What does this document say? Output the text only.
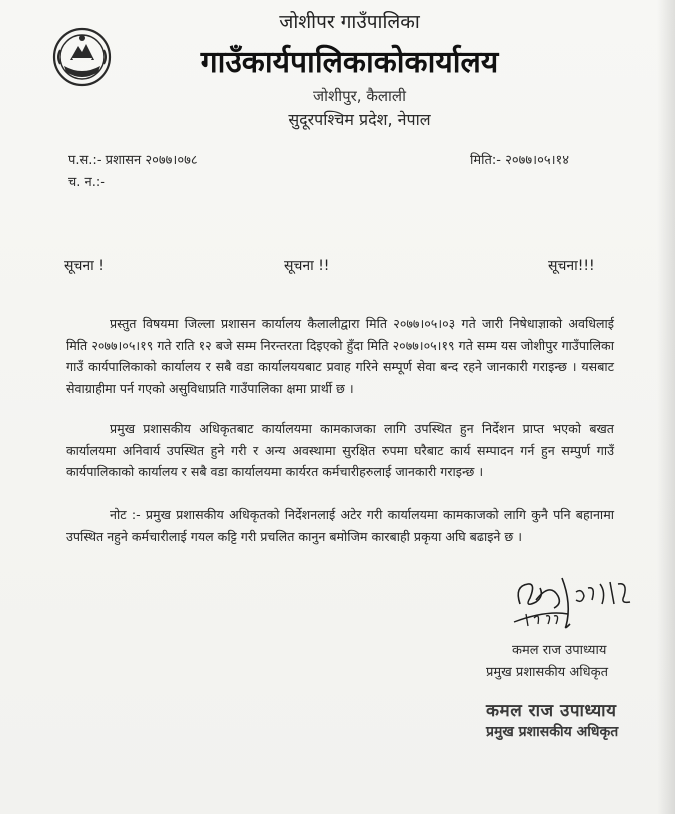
जोशीपर गाउँपालिका
गाउँकार्यपालिकाकोकार्यालय
जोशीपुर, कैलाली
सुदूरपश्चिम प्रदेश, नेपाल
प.स.:- प्रशासन २०७७।०७८
च. न.:-
मिति:- २०७७।०५।१४
सूचना !	सूचना !!	सूचना!!!
प्रस्तुत विषयमा जिल्ला प्रशासन कार्यालय कैलालीद्वारा मिति २०७७।०५।०३ गते जारी निषेधाज्ञाको अवधिलाई मिति २०७७।०५।१९ गते राति १२ बजे सम्म निरन्तरता दिइएको हुँदा मिति २०७७।०५।१९ गते सम्म यस जोशीपुर गाउँपालिका गाउँ कार्यपालिकाको कार्यालय र सबै वडा कार्यालययबाट प्रवाह गरिने सम्पूर्ण सेवा बन्द रहने जानकारी गराइन्छ । यसबाट सेवाग्राहीमा पर्न गएको असुविधाप्रति गाउँपालिका क्षमा प्रार्थी छ ।
प्रमुख प्रशासकीय अधिकृतबाट कार्यालयमा कामकाजका लागि उपस्थित हुन निर्देशन प्राप्त भएको बखत कार्यालयमा अनिवार्य उपस्थित हुने गरी र अन्य अवस्थामा सुरक्षित रुपमा घरैबाट कार्य सम्पादन गर्न हुन सम्पुर्ण गाउँ कार्यपालिकाको कार्यालय र सबै वडा कार्यालयमा कार्यरत कर्मचारीहरुलाई जानकारी गराइन्छ ।
नोट :- प्रमुख प्रशासकीय अधिकृतको निर्देशनलाई अटेर गरी कार्यालयमा कामकाजको लागि कुनै पनि बहानामा उपस्थित नहुने कर्मचारीलाई गयल कट्टि गरी प्रचलित कानुन बमोजिम कारबाही प्रकृया अघि बढाइने छ ।
कमल राज उपाध्याय
प्रमुख प्रशासकीय अधिकृत
कमल राज उपाध्याय
प्रमुख प्रशासकीय अधिकृत
